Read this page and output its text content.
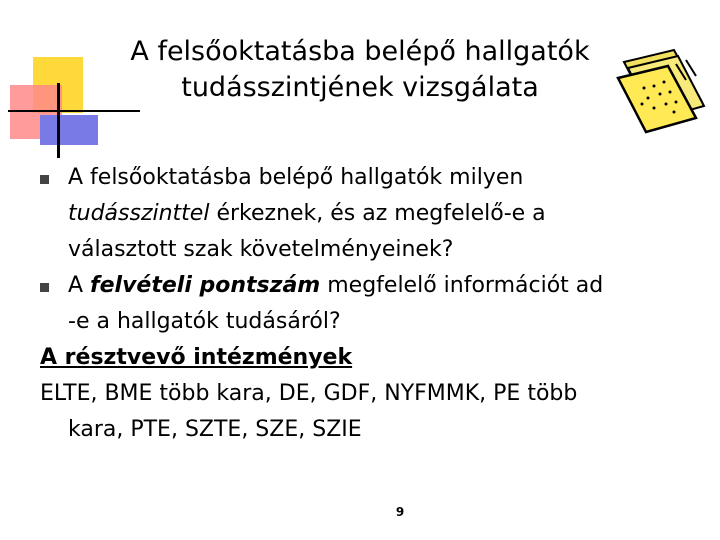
A felsőoktatásba belépő hallgatók
tudásszintjének vizsgálata
A felsőoktatásba belépő hallgatók milyen
tudásszinttel érkeznek, és az megfelelő-e a
választott szak követelményeinek?
A felvételi pontszám megfelelő információt ad
-e a hallgatók tudásáról?
A résztvevő intézmények
ELTE, BME több kara, DE, GDF, NYFMMK, PE több
kara, PTE, SZTE, SZE, SZIE
9
